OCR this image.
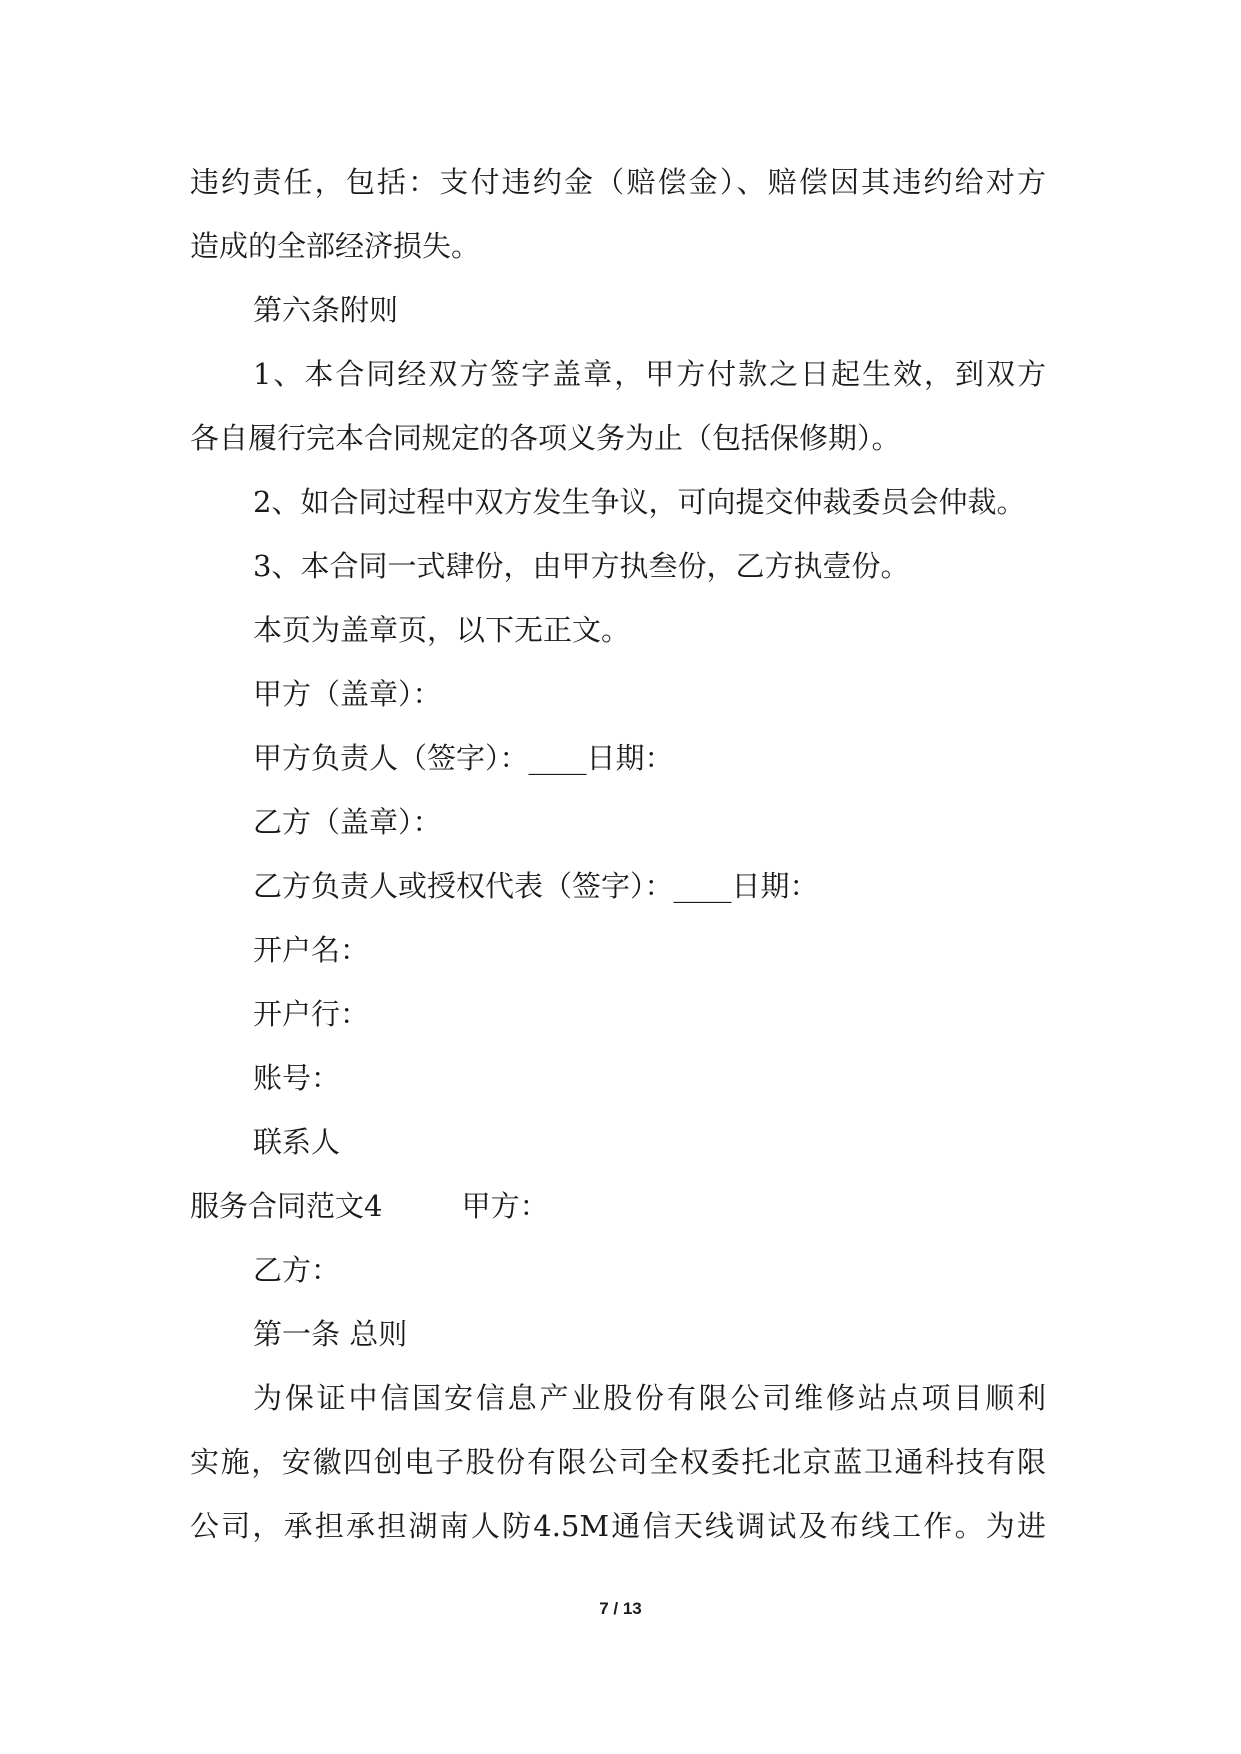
违约责任，包括：支付违约金（赔偿金）、赔偿因其违约给对方

造成的全部经济损失。

第六条附则

1、本合同经双方签字盖章，甲方付款之日起生效，到双方

各自履行完本合同规定的各项义务为止（包括保修期）。

2、如合同过程中双方发生争议，可向提交仲裁委员会仲裁。

3、本合同一式肆份，由甲方执叁份，乙方执壹份。

本页为盖章页，以下无正文。

甲方（盖章）：

甲方负责人（签字）：____日期：

乙方（盖章）：

乙方负责人或授权代表（签字）：____日期：

开户名：

开户行：

账号：

联系人

服务合同范文4	甲方：

乙方：

第一条 总则

为保证中信国安信息产业股份有限公司维修站点项目顺利

实施，安徽四创电子股份有限公司全权委托北京蓝卫通科技有限

公司，承担承担湖南人防4.5M通信天线调试及布线工作。为进

7 / 13
